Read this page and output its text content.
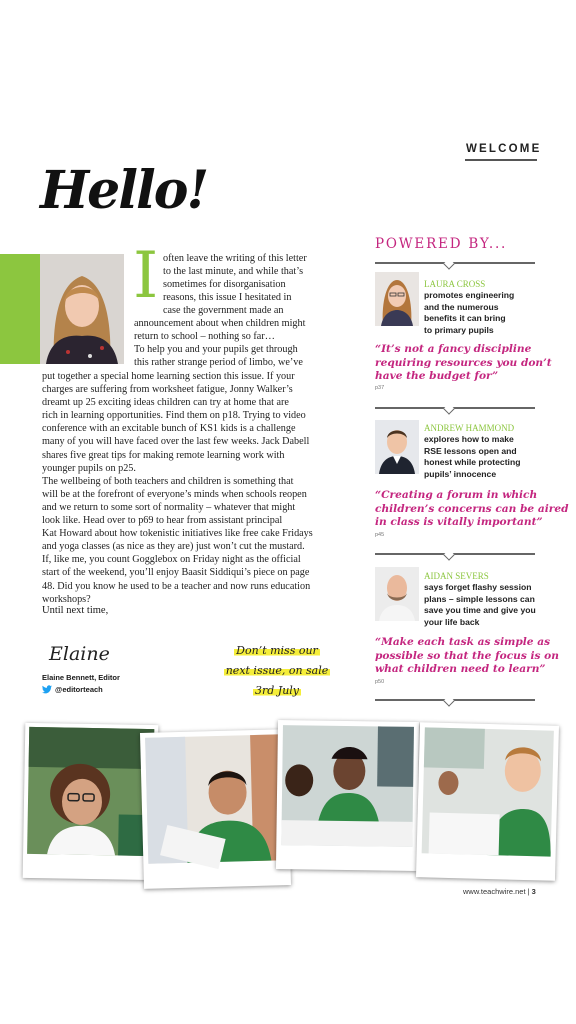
WELCOME
Hello!
I often leave the writing of this letter
to the last minute, and while that’s
sometimes for disorganisation
reasons, this issue I hesitated in
case the government made an
announcement about when children might
return to school – nothing so far…
To help you and your pupils get through
this rather strange period of limbo, we’ve
put together a special home learning section this issue. If your
charges are suffering from worksheet fatigue, Jonny Walker’s
dreamt up 25 exciting ideas children can try at home that are
rich in learning opportunities. Find them on p18. Trying to video
conference with an excitable bunch of KS1 kids is a challenge
many of you will have faced over the last few weeks. Jack Dabell
shares five great tips for making remote learning work with
younger pupils on p25.
The wellbeing of both teachers and children is something that
will be at the forefront of everyone’s minds when schools reopen
and we return to some sort of normality – whatever that might
look like. Head over to p69 to hear from assistant principal
Kat Howard about how tokenistic initiatives like free cake Fridays
and yoga classes (as nice as they are) just won’t cut the mustard.
If, like me, you count Gogglebox on Friday night as the official
start of the weekend, you’ll enjoy Baasit Siddiqui’s piece on page
48. Did you know he used to be a teacher and now runs education
workshops?
Until next time,
Elaine
Elaine Bennett, Editor
@editorteach
Don’t miss our
next issue, on sale
3rd July
POWERED BY...
LAURA CROSS
promotes engineering
and the numerous
benefits it can bring
to primary pupils
“It’s not a fancy discipline
requiring resources you don’t
have the budget for”
p37
ANDREW HAMMOND
explores how to make
RSE lessons open and
honest while protecting
pupils’ innocence
“Creating a forum in which
children’s concerns can be aired
in class is vitally important”
p45
AIDAN SEVERS
says forget flashy session
plans – simple lessons can
save you time and give you
your life back
“Make each task as simple as
possible so that the focus is on
what children need to learn”
p50
www.teachwire.net | 3
